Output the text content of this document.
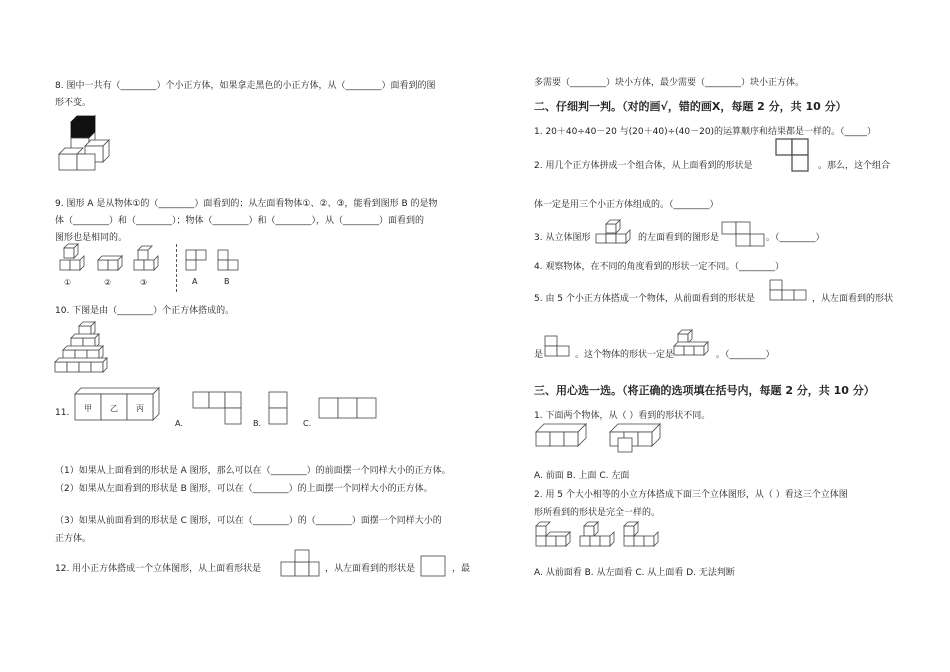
8. 图中一共有（________）个小正方体，如果拿走黑色的小正方体，从（________）面看到的图
形不变。
9. 图形 A 是从物体①的（________）面看到的；从左面看物体①、②、③，能看到图形 B 的是物
体（________）和（________）；物体（________）和（________），从（________）面看到的
图形也是相同的。
①	②	③	A	B
10. 下图是由（________）个正方体搭成的。
11. 甲 乙 丙
A.	B.	C.
（1）如果从上面看到的形状是 A 图形，那么可以在（________）的前面摆一个同样大小的正方体。
（2）如果从左面看到的形状是 B 图形，可以在（________）的上面摆一个同样大小的正方体。
（3）如果从前面看到的形状是 C 图形，可以在（________）的（________）面摆一个同样大小的
正方体。
12. 用小正方体搭成一个立体图形，从上面看形状是	，从左面看到的形状是	，最
多需要（________）块小方体，最少需要（________）块小正方体。
二、仔细判一判。（对的画√，错的画X，每题 2 分，共 10 分）
1. 20＋40÷40－20 与(20＋40)÷(40－20)的运算顺序和结果都是一样的。（_____）
2. 用几个正方体拼成一个组合体，从上面看到的形状是	。那么，这个组合
体一定是用三个小正方体组成的。（________）
3. 从立体图形	的左面看到的图形是	。（________）
4. 观察物体，在不同的角度看到的形状一定不同。（________）
5. 由 5 个小正方体搭成一个物体，从前面看到的形状是	，从左面看到的形状
是	。这个物体的形状一定是	。（________）
三、用心选一选。（将正确的选项填在括号内，每题 2 分，共 10 分）
1. 下面两个物体，从（ ）看到的形状不同。
A. 前面 B. 上面 C. 左面
2. 用 5 个大小相等的小立方体搭成下面三个立体图形，从（ ）看这三个立体图
形所看到的形状是完全一样的。
A. 从前面看 B. 从左面看 C. 从上面看 D. 无法判断
